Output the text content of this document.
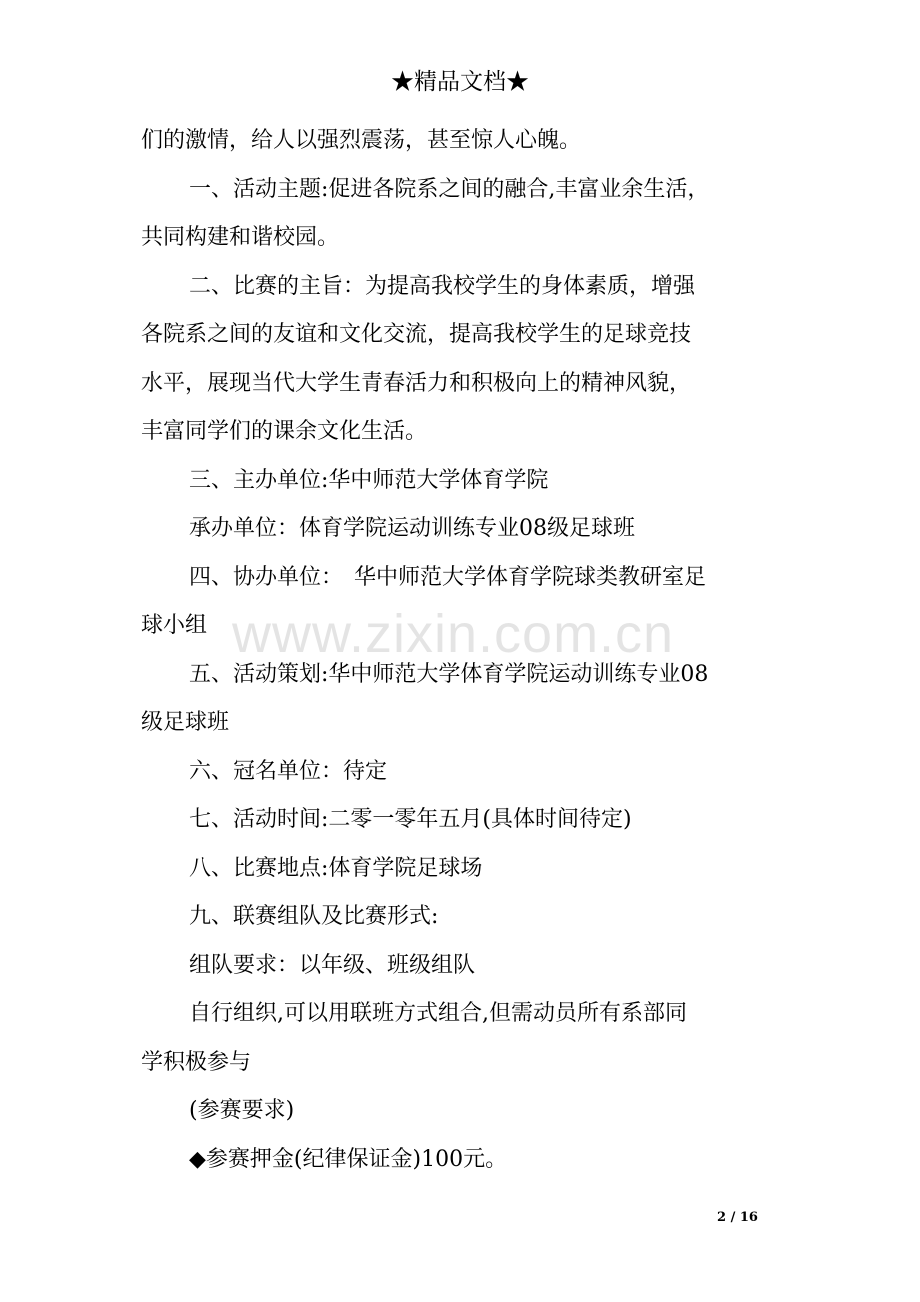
★精品文档★
www.zixin.com.cn
们的激情，给人以强烈震荡，甚至惊人心魄。
一、活动主题:促进各院系之间的融合,丰富业余生活，
共同构建和谐校园。
二、比赛的主旨：为提高我校学生的身体素质，增强
各院系之间的友谊和文化交流，提高我校学生的足球竞技
水平，展现当代大学生青春活力和积极向上的精神风貌，
丰富同学们的课余文化生活。
三、主办单位:华中师范大学体育学院
承办单位：体育学院运动训练专业08级足球班
四、协办单位：　华中师范大学体育学院球类教研室足
球小组
五、活动策划:华中师范大学体育学院运动训练专业08
级足球班
六、冠名单位：待定
七、活动时间:二零一零年五月(具体时间待定)
八、比赛地点:体育学院足球场
九、联赛组队及比赛形式:
组队要求：以年级、班级组队
自行组织,可以用联班方式组合,但需动员所有系部同
学积极参与
(参赛要求)
◆参赛押金(纪律保证金)100元。
2 / 16
